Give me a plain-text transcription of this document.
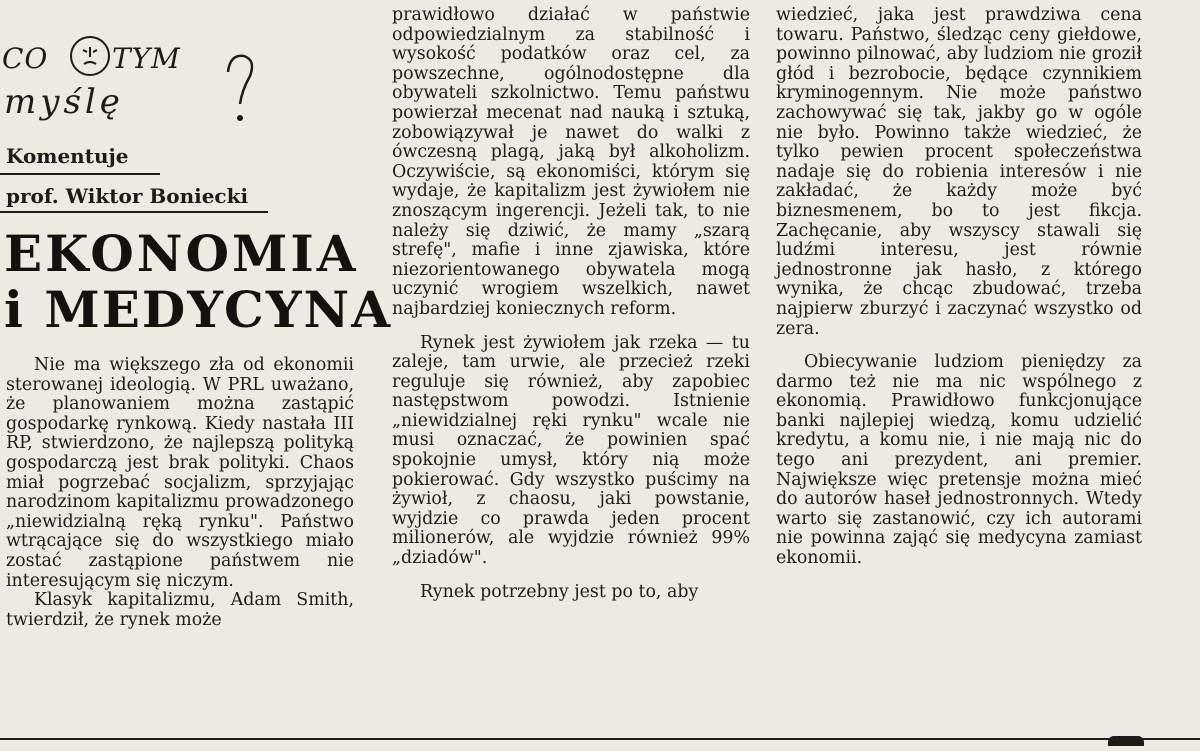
CO TYM
myślę
Komentuje
prof. Wiktor Boniecki
EKONOMIA
i MEDYCYNA

Nie ma większego zła od ekonomii sterowanej ideologią. W PRL uważano, że planowaniem można zastąpić gospodarkę rynkową. Kiedy nastała III RP, stwierdzono, że najlepszą polityką gospodarczą jest brak polityki. Chaos miał pogrzebać socjalizm, sprzyjając narodzinom kapitalizmu prowadzonego „niewidzialną ręką rynku". Państwo wtrącające się do wszystkiego miało zostać zastąpione państwem nie interesującym się niczym.

Klasyk kapitalizmu, Adam Smith, twierdził, że rynek może

prawidłowo działać w państwie odpowiedzialnym za stabilność i wysokość podatków oraz cel, za powszechne, ogólnodostępne dla obywateli szkolnictwo. Temu państwu powierzał mecenat nad nauką i sztuką, zobowiązywał je nawet do walki z ówczesną plagą, jaką był alkoholizm. Oczywiście, są ekonomiści, którym się wydaje, że kapitalizm jest żywiołem nie znoszącym ingerencji. Jeżeli tak, to nie należy się dziwić, że mamy „szarą strefę", mafie i inne zjawiska, które niezorientowanego obywatela mogą uczynić wrogiem wszelkich, nawet najbardziej koniecznych reform.

Rynek jest żywiołem jak rzeka — tu zaleje, tam urwie, ale przecież rzeki reguluje się również, aby zapobiec następstwom powodzi. Istnienie „niewidzialnej ręki rynku" wcale nie musi oznaczać, że powinien spać spokojnie umysł, który nią może pokierować. Gdy wszystko puścimy na żywioł, z chaosu, jaki powstanie, wyjdzie co prawda jeden procent milionerów, ale wyjdzie również 99% „dziadów".

Rynek potrzebny jest po to, aby

wiedzieć, jaka jest prawdziwa cena towaru. Państwo, śledząc ceny giełdowe, powinno pilnować, aby ludziom nie groził głód i bezrobocie, będące czynnikiem kryminogennym. Nie może państwo zachowywać się tak, jakby go w ogóle nie było. Powinno także wiedzieć, że tylko pewien procent społeczeństwa nadaje się do robienia interesów i nie zakładać, że każdy może być biznesmenem, bo to jest fikcja. Zachęcanie, aby wszyscy stawali się ludźmi interesu, jest równie jednostronne jak hasło, z którego wynika, że chcąc zbudować, trzeba najpierw zburzyć i zaczynać wszystko od zera.

Obiecywanie ludziom pieniędzy za darmo też nie ma nic wspólnego z ekonomią. Prawidłowo funkcjonujące banki najlepiej wiedzą, komu udzielić kredytu, a komu nie, i nie mają nic do tego ani prezydent, ani premier. Największe więc pretensje można mieć do autorów haseł jednostronnych. Wtedy warto się zastanowić, czy ich autorami nie powinna zająć się medycyna zamiast ekonomii.
